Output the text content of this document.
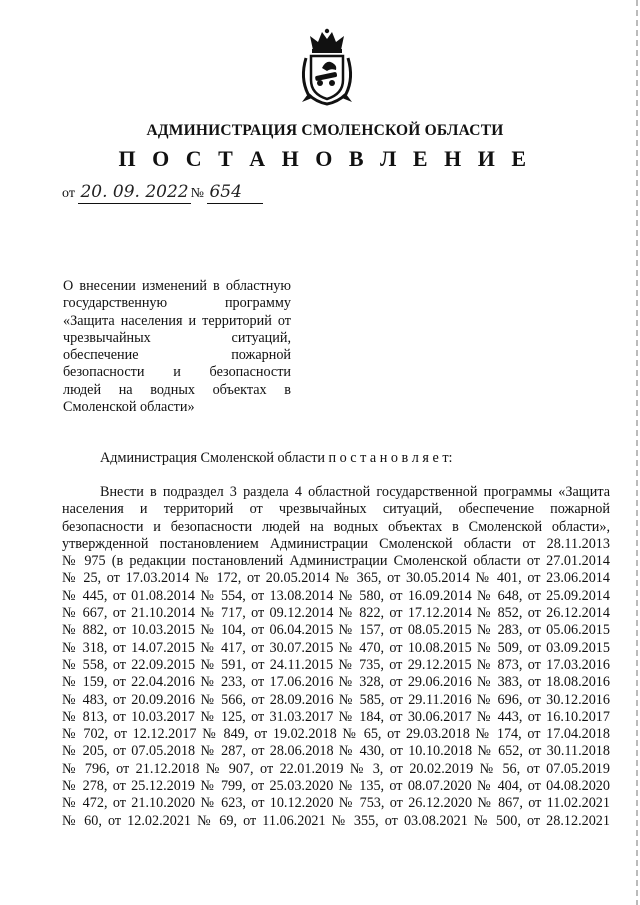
АДМИНИСТРАЦИЯ СМОЛЕНСКОЙ ОБЛАСТИ
П О С Т А Н О В Л Е Н И Е
от 20. 09. 2022 № 654
О внесении изменений в областную
государственную программу
«Защита населения и территорий от
чрезвычайных ситуаций,
обеспечение пожарной
безопасности и безопасности
людей на водных объектах в
Смоленской области»
Администрация Смоленской области п о с т а н о в л я е т:
Внести в подраздел 3 раздела 4 областной государственной программы «Защита
населения и территорий от чрезвычайных ситуаций, обеспечение пожарной
безопасности и безопасности людей на водных объектах в Смоленской области»,
утвержденной постановлением Администрации Смоленской области от 28.11.2013
№ 975 (в редакции постановлений Администрации Смоленской области от 27.01.2014
№ 25, от 17.03.2014 № 172, от 20.05.2014 № 365, от 30.05.2014 № 401, от 23.06.2014
№ 445, от 01.08.2014 № 554, от 13.08.2014 № 580, от 16.09.2014 № 648, от 25.09.2014
№ 667, от 21.10.2014 № 717, от 09.12.2014 № 822, от 17.12.2014 № 852, от 26.12.2014
№ 882, от 10.03.2015 № 104, от 06.04.2015 № 157, от 08.05.2015 № 283, от 05.06.2015
№ 318, от 14.07.2015 № 417, от 30.07.2015 № 470, от 10.08.2015 № 509, от 03.09.2015
№ 558, от 22.09.2015 № 591, от 24.11.2015 № 735, от 29.12.2015 № 873, от 17.03.2016
№ 159, от 22.04.2016 № 233, от 17.06.2016 № 328, от 29.06.2016 № 383, от 18.08.2016
№ 483, от 20.09.2016 № 566, от 28.09.2016 № 585, от 29.11.2016 № 696, от 30.12.2016
№ 813, от 10.03.2017 № 125, от 31.03.2017 № 184, от 30.06.2017 № 443, от 16.10.2017
№ 702, от 12.12.2017 № 849, от 19.02.2018 № 65, от 29.03.2018 № 174, от 17.04.2018
№ 205, от 07.05.2018 № 287, от 28.06.2018 № 430, от 10.10.2018 № 652, от 30.11.2018
№ 796, от 21.12.2018 № 907, от 22.01.2019 № 3, от 20.02.2019 № 56, от 07.05.2019
№ 278, от 25.12.2019 № 799, от 25.03.2020 № 135, от 08.07.2020 № 404, от 04.08.2020
№ 472, от 21.10.2020 № 623, от 10.12.2020 № 753, от 26.12.2020 № 867, от 11.02.2021
№ 60, от 12.02.2021 № 69, от 11.06.2021 № 355, от 03.08.2021 № 500, от 28.12.2021
